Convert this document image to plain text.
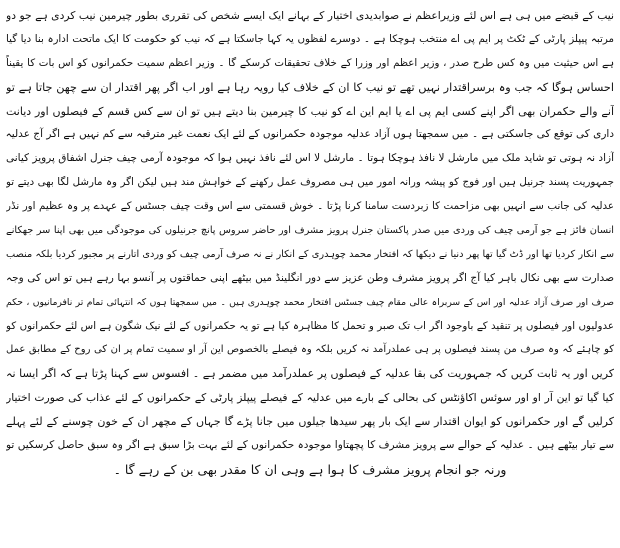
نیب کے قبضے میں ہی ہے اس لئے وزیراعظم نے صوابدیدی اختیار کے بہانے ایک ایسے شخص کی تقرری بطور چیرمین نیب کردی ہے جو دو
مرتبہ پیپلز پارٹی کے ٹکٹ پر ایم پی اے منتخب ہوچکا ہے ۔ دوسرے لفظوں یہ کہا جاسکتا ہے کہ نیب کو حکومت کا ایک ماتحت ادارہ بنا دیا گیا
ہے اس حیثیت میں وہ کس طرح صدر ، وزیر اعظم اور وزرا کے خلاف تحقیقات کرسکے گا ۔ وزیر اعظم سمیت حکمرانوں کو اس بات کا یقیناً
احساس ہوگا کہ جب وہ برسراقتدار نہیں تھے تو نیب کا ان کے خلاف کیا رویہ رہا ہے اور اب اگر پھر اقتدار ان سے چھن جاتا ہے تو
آنے والے حکمران بھی اگر اپنے کسی ایم پی اے یا ایم این اے کو نیب کا چیرمین بنا دیتے ہیں تو ان سے کس قسم کے فیصلوں اور دیانت
داری کی توقع کی جاسکتی ہے ۔ میں سمجھتا ہوں آزاد عدلیہ موجودہ حکمرانوں کے لئے ایک نعمت غیر مترقبہ سے کم نہیں ہے اگر آج عدلیہ
آزاد نہ ہوتی تو شاید ملک میں مارشل لا نافذ ہوچکا ہوتا ۔ مارشل لا اس لئے نافذ نہیں ہوا کہ موجودہ آرمی چیف جنرل اشفاق پرویز کیانی
جمہوریت پسند جرنیل ہیں اور فوج کو پیشہ ورانہ امور میں ہی مصروف عمل رکھنے کے خواہش مند ہیں لیکن اگر وہ مارشل لگا بھی دیتے تو
عدلیہ کی جانب سے انہیں بھی مزاحمت کا زبردست سامنا کرنا پڑتا ۔ خوش قسمتی سے اس وقت چیف جسٹس کے عہدے پر وہ عظیم اور نڈر
انسان فائز ہے جو آرمی چیف کی وردی میں صدر پاکستان جنرل پرویز مشرف اور حاضر سروس پانچ جرنیلوں کی موجودگی میں بھی اپنا سر جھکانے
سے انکار کردیا تھا اور ڈٹ گیا تھا پھر دنیا نے دیکھا کہ افتخار محمد چوہدری کے انکار نے نہ صرف آرمی چیف کو وردی اتارنے پر مجبور کردیا بلکہ منصب
صدارت سے بھی نکال باہر کیا آج اگر پرویز مشرف وطن عزیز سے دور انگلینڈ میں بیٹھے اپنی حماقتوں پر آنسو بہا رہے ہیں تو اس کی وجہ
صرف اور صرف آزاد عدلیہ اور اس کے سربراہ عالی مقام چیف جسٹس افتخار محمد چوہدری ہیں ۔ میں سمجھتا ہوں کہ انتہائی تمام تر نافرمانیوں ، حکم
عدولیوں اور فیصلوں پر تنقید کے باوجود اگر اب تک صبر و تحمل کا مظاہرہ کیا ہے تو یہ حکمرانوں کے لئے نیک شگون ہے اس لئے حکمرانوں کو
کو چاہئے کہ وہ صرف من پسند فیصلوں پر ہی عملدرآمد نہ کریں بلکہ وہ فیصلے بالخصوص این آر او سمیت تمام پر ان کی روح کے مطابق عمل
کریں اور یہ ثابت کریں کہ جمہوریت کی بقا عدلیہ کے فیصلوں پر عملدرآمد میں مضمر ہے ۔ افسوس سے کہنا پڑتا ہے کہ اگر ایسا نہ
کیا گیا تو این آر او اور سوئس اکاؤنٹس کی بحالی کے بارے میں عدلیہ کے فیصلے پیپلز پارٹی کے حکمرانوں کے لئے عذاب کی صورت اختیار
کرلیں گے اور حکمرانوں کو ایوان اقتدار سے ایک بار پھر سیدھا جیلوں میں جانا پڑے گا جہاں کے مچھر ان کے خون چوسنے کے لئے پہلے
سے تیار بیٹھے ہیں ۔ عدلیہ کے حوالے سے پرویز مشرف کا پچھتاوا موجودہ حکمرانوں کے لئے بہت بڑا سبق ہے اگر وہ سبق حاصل کرسکیں تو
ورنہ جو انجام پرویز مشرف کا ہوا ہے وہی ان کا مقدر بھی بن کے رہے گا ۔
